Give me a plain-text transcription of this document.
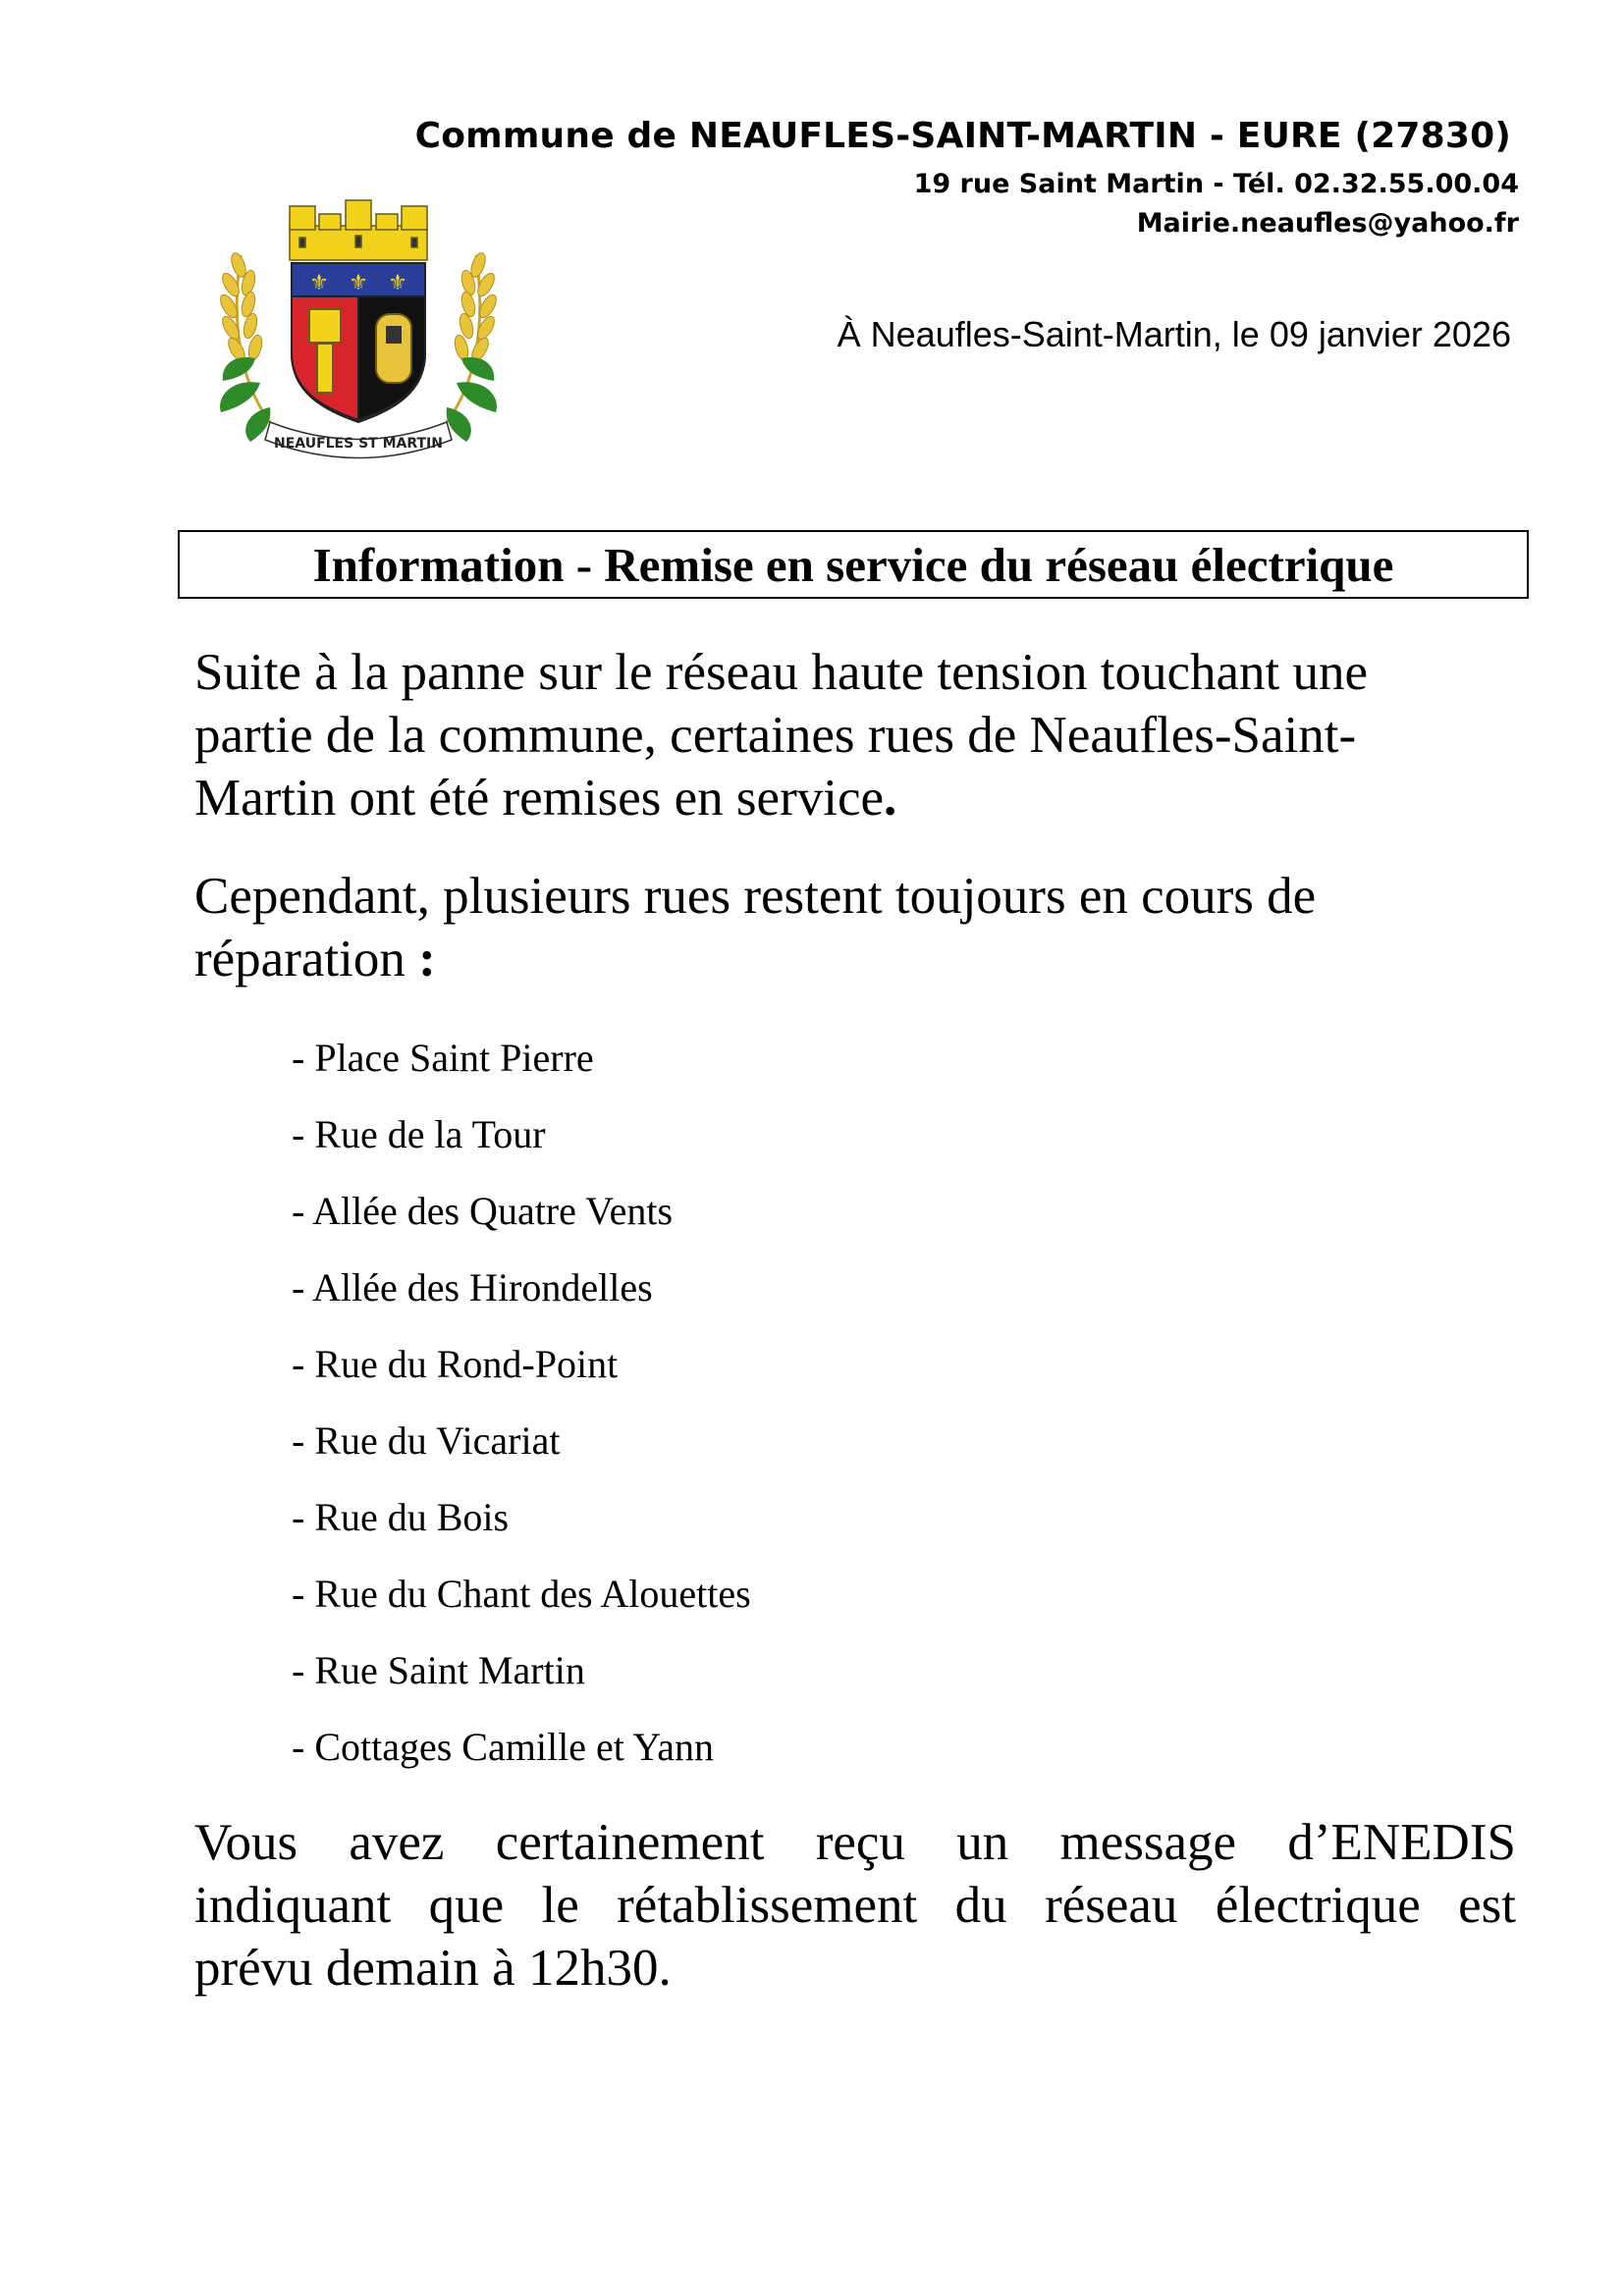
Commune de NEAUFLES-SAINT-MARTIN - EURE (27830)
19 rue Saint Martin - Tél. 02.32.55.00.04
Mairie.neaufles@yahoo.fr
⚜ ⚜ ⚜
NEAUFLES ST MARTIN
À Neaufles-Saint-Martin, le 09 janvier 2026
Information - Remise en service du réseau électrique
Suite à la panne sur le réseau haute tension touchant une
partie de la commune, certaines rues de Neaufles-Saint-
Martin ont été remises en service.
Cependant, plusieurs rues restent toujours en cours de
réparation :
- Place Saint Pierre
- Rue de la Tour
- Allée des Quatre Vents
- Allée des Hirondelles
- Rue du Rond-Point
- Rue du Vicariat
- Rue du Bois
- Rue du Chant des Alouettes
- Rue Saint Martin
- Cottages Camille et Yann
Vous avez certainement reçu un message d’ENEDIS
indiquant que le rétablissement du réseau électrique est
prévu demain à 12h30.
